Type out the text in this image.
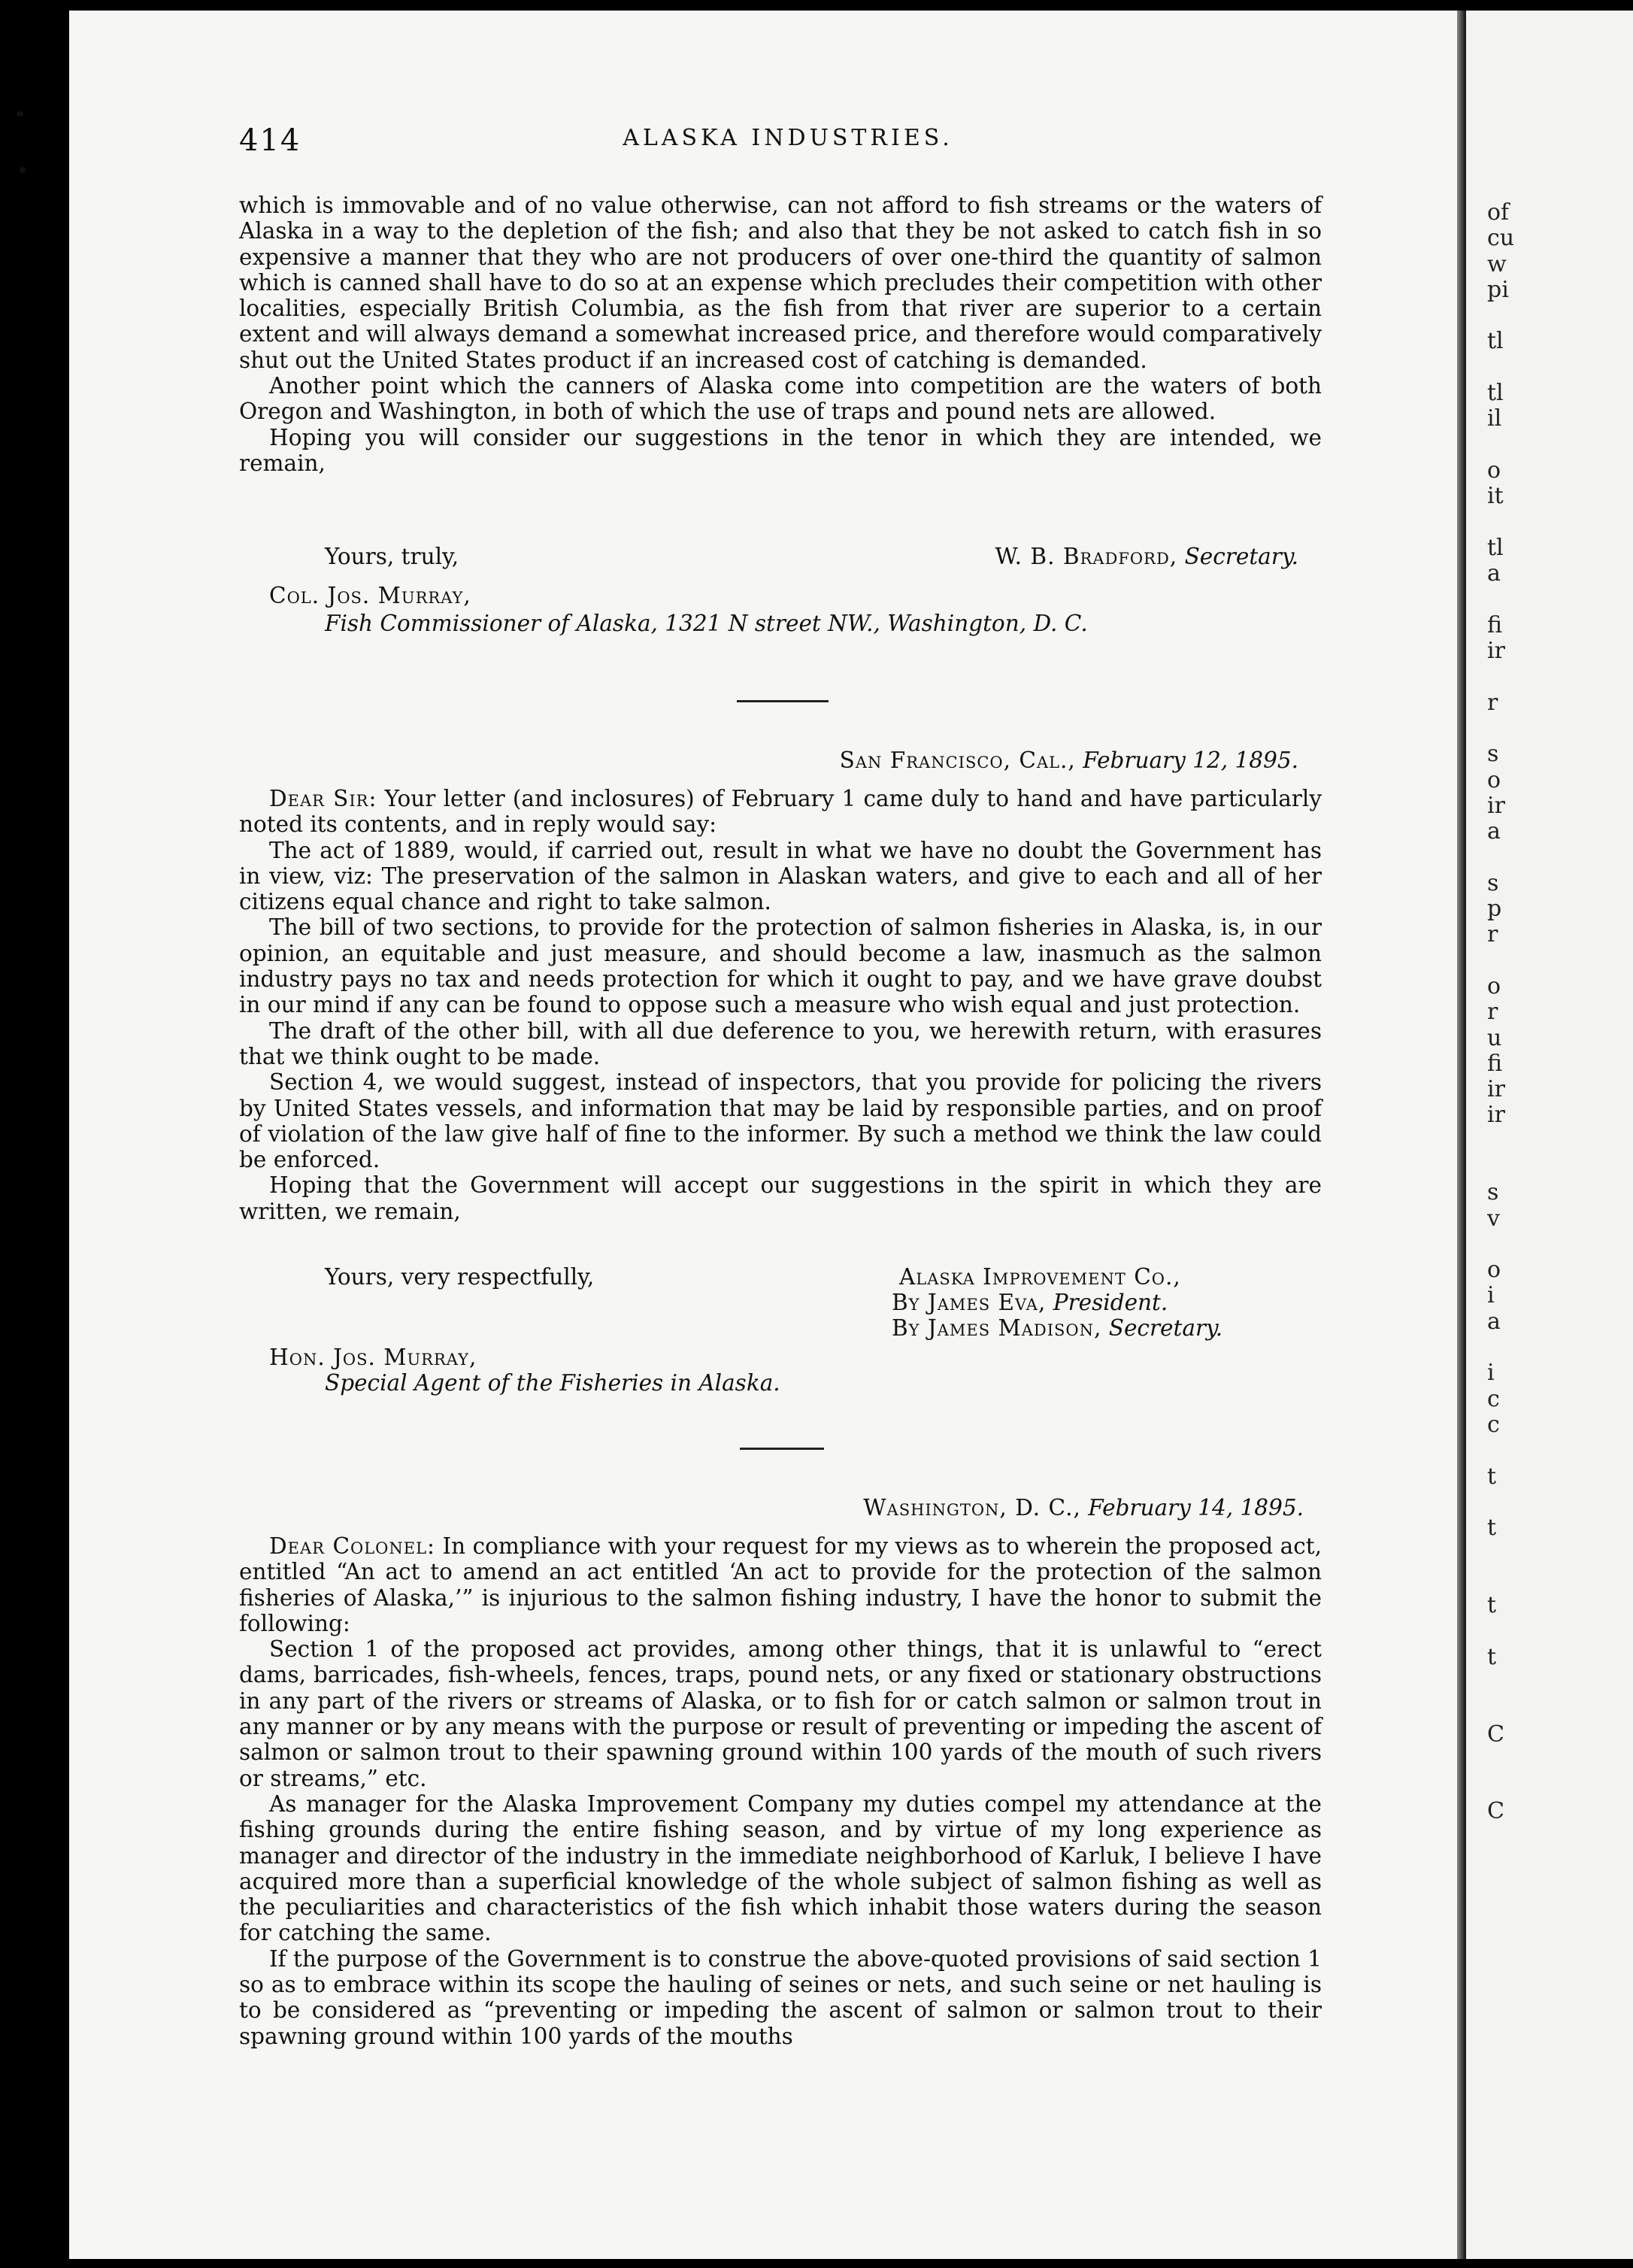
of
cu
w
pi
tl
tl
il
o
it
tl
a
fi
ir
r
s
o
ir
a
s
p
r
o
r
u
fi
ir
ir
s
v
o
i
a
i
c
c
t
t
t
t
C
C
414	ALASKA INDUSTRIES.

which is immovable and of no value otherwise, can not afford to fish streams or the waters of Alaska in a way to the depletion of the fish; and also that they be not asked to catch fish in so expensive a manner that they who are not producers of over one-third the quantity of salmon which is canned shall have to do so at an expense which precludes their competition with other localities, especially British Columbia, as the fish from that river are superior to a certain extent and will always demand a somewhat increased price, and therefore would comparatively shut out the United States product if an increased cost of catching is demanded.

Another point which the canners of Alaska come into competition are the waters of both Oregon and Washington, in both of which the use of traps and pound nets are allowed.

Hoping you will consider our suggestions in the tenor in which they are intended, we remain,

Yours, truly,	W. B. Bradford, Secretary.
Col. Jos. Murray,
Fish Commissioner of Alaska, 1321 N street NW., Washington, D. C.
San Francisco, Cal., February 12, 1895.

Dear Sir: Your letter (and inclosures) of February 1 came duly to hand and have particularly noted its contents, and in reply would say:

The act of 1889, would, if carried out, result in what we have no doubt the Government has in view, viz: The preservation of the salmon in Alaskan waters, and give to each and all of her citizens equal chance and right to take salmon.

The bill of two sections, to provide for the protection of salmon fisheries in Alaska, is, in our opinion, an equitable and just measure, and should become a law, inasmuch as the salmon industry pays no tax and needs protection for which it ought to pay, and we have grave doubst in our mind if any can be found to oppose such a measure who wish equal and just protection.

The draft of the other bill, with all due deference to you, we herewith return, with erasures that we think ought to be made.

Section 4, we would suggest, instead of inspectors, that you provide for policing the rivers by United States vessels, and information that may be laid by responsible parties, and on proof of violation of the law give half of fine to the informer. By such a method we think the law could be enforced.

Hoping that the Government will accept our suggestions in the spirit in which they are written, we remain,

Yours, very respectfully,	Alaska Improvement Co.,
By James Eva, President.
By James Madison, Secretary.
Hon. Jos. Murray,
Special Agent of the Fisheries in Alaska.
Washington, D. C., February 14, 1895.

Dear Colonel: In compliance with your request for my views as to wherein the proposed act, entitled “An act to amend an act entitled ‘An act to provide for the protection of the salmon fisheries of Alaska,’” is injurious to the salmon fishing industry, I have the honor to submit the following:

Section 1 of the proposed act provides, among other things, that it is unlawful to “erect dams, barricades, fish-wheels, fences, traps, pound nets, or any fixed or stationary obstructions in any part of the rivers or streams of Alaska, or to fish for or catch salmon or salmon trout in any manner or by any means with the purpose or result of preventing or impeding the ascent of salmon or salmon trout to their spawning ground within 100 yards of the mouth of such rivers or streams,” etc.

As manager for the Alaska Improvement Company my duties compel my attendance at the fishing grounds during the entire fishing season, and by virtue of my long experience as manager and director of the industry in the immediate neighborhood of Karluk, I believe I have acquired more than a superficial knowledge of the whole subject of salmon fishing as well as the peculiarities and characteristics of the fish which inhabit those waters during the season for catching the same.

If the purpose of the Government is to construe the above-quoted provisions of said section 1 so as to embrace within its scope the hauling of seines or nets, and such seine or net hauling is to be considered as “preventing or impeding the ascent of salmon or salmon trout to their spawning ground within 100 yards of the mouths
